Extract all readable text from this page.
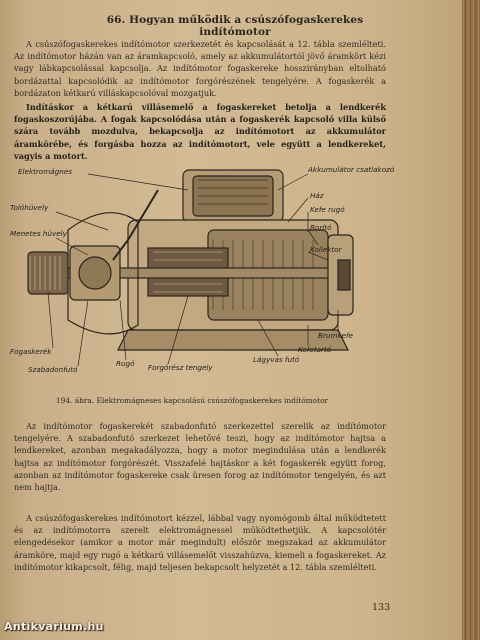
66. Hogyan működik a csúszófogaskerekes indítómotor

A csúszófogaskerekes indítómotor szerkezetét és kapcsolását a 12. tábla szemlélteti. Az indítómotor házán van az áramkapcsoló, amely az akkumulátortól jövő áramkört kézi vagy lábkapcsolással kapcsolja. Az indítómotor fogaskereke hosszirányban eltolható bordázattal kapcsolódik az indítómotor forgórészének tengelyére. A fogaskerék a bordázaton kétkarú villáskapcsolóval mozgatjuk.

Indításkor a kétkarú villásemelő a fogaskereket betolja a lendkerék fogaskoszorújába. A fogak kapcsolódása után a fogaskerék kapcsoló villa külső szára tovább mozdulva, bekapcsolja az indítómotort az akkumulátor áramkörébe, és forgásba hozza az indítómotort, vele együtt a lendkereket, vagyis a motort.

Elektromágnes	Akkumulátor csatlakozó
Ház
Kefe rugó
Tolóhüvely
Borító
Menetes hüvely
Kollektor
Fogaskerék
Szabadonfutó
Rugó Forgórész tengely
Lágyvas futó
Kefetartó
Brumkefe
194. ábra. Elektromágneses kapcsolású csúszófogaskerekes indítómotor

Az indítómotor fogaskerekét szabadonfutó szerkezettel szerelik az indítómotor tengelyére. A szabadonfutó szerkezet lehetővé teszi, hogy az indítómotor hajtsa a lendkereket, azonban megakadályozza, hogy a motor megindulása után a lendkerék hajtsa az indítómotor forgórészét. Visszafelé hajtáskor a két fogaskerék együtt forog, azonban az indítómotor fogaskereke csak üresen forog az indítómotor tengelyén, és azt nem hajtja.

A csúszófogaskerekes indítómotort kézzel, lábbal vagy nyomógomb által működtetett és az indítómotorra szerelt elektromágnessel működtethetjük. A kapcsolótér elengedésekor (amikor a motor már megindult) először megszakad az akkumulátor áramköre, majd egy rugó a kétkarú villásemelőt visszahúzva, kiemeli a fogaskereket. Az indítómotor kikapcsolt, félig, majd teljesen bekapcsolt helyzetét a 12. tábla szemlélteti.

133
Antikvarium.hu
